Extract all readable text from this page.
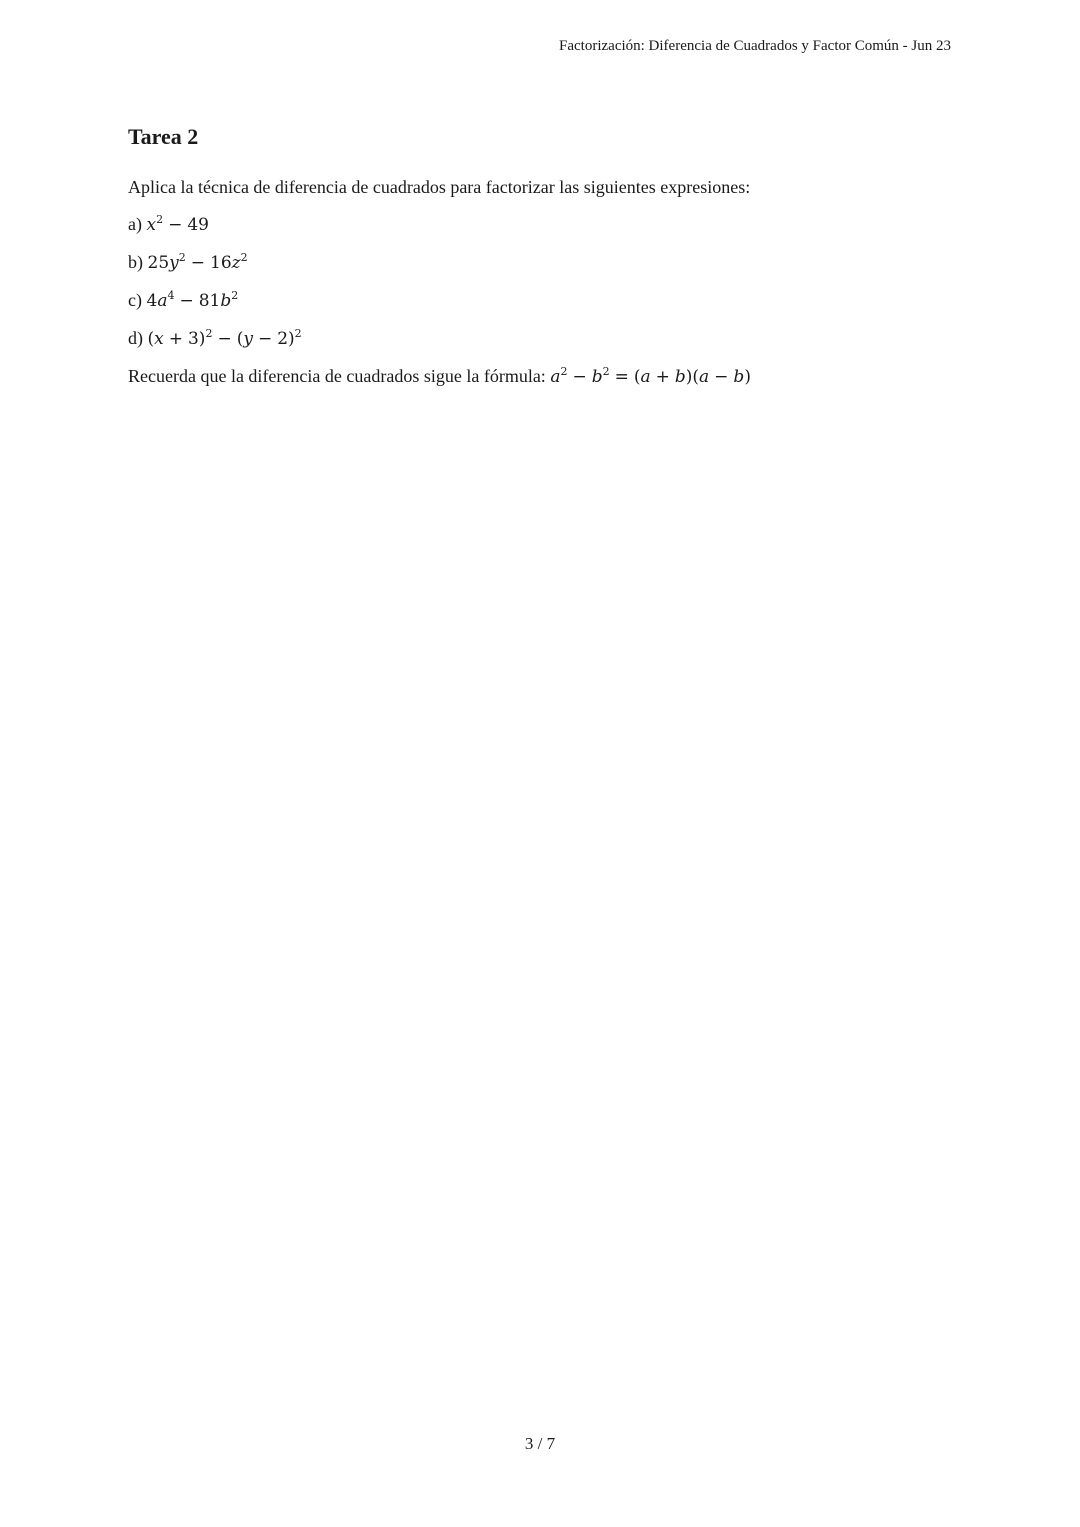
Factorización: Diferencia de Cuadrados y Factor Común - Jun 23
Tarea 2

Aplica la técnica de diferencia de cuadrados para factorizar las siguientes expresiones:

a) $x^2 - 49$
b) $25y^2 - 16z^2$
c) $4a^4 - 81b^2$
d) $(x + 3)^2 - (y - 2)^2$

Recuerda que la diferencia de cuadrados sigue la fórmula: $a^2 - b^2 = (a + b)(a - b)$

3 / 7
